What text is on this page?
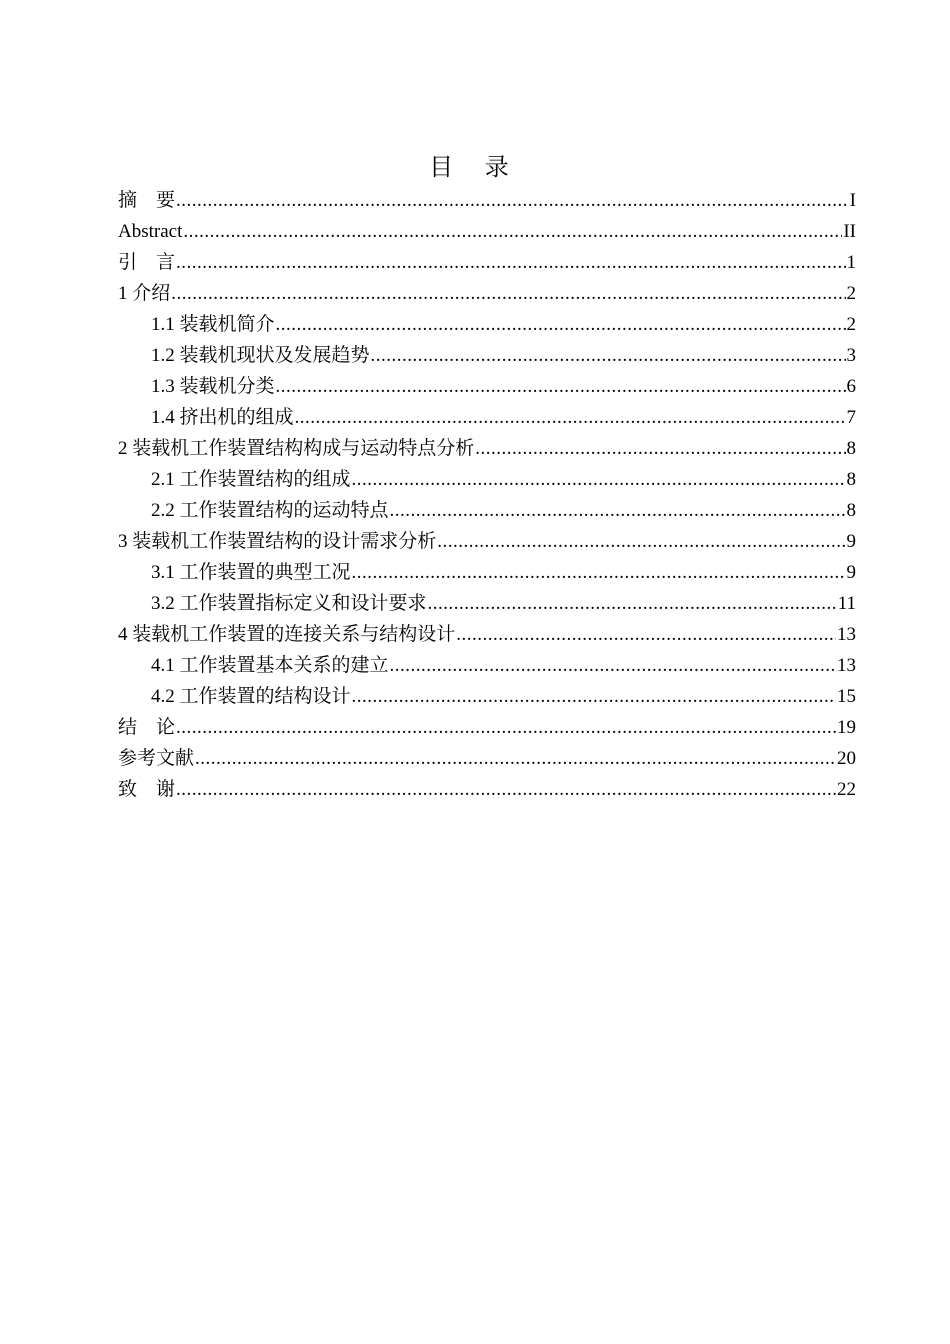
目 录
摘　要 .....	I
Abstract .....	II
引　言 .....	1
1 介绍 .....	2
1.1 装载机简介 .....	2
1.2 装载机现状及发展趋势 .....	3
1.3 装载机分类 .....	6
1.4 挤出机的组成 .....	7
2 装载机工作装置结构构成与运动特点分析 .....	8
2.1 工作装置结构的组成 .....	8
2.2 工作装置结构的运动特点 .....	8
3 装载机工作装置结构的设计需求分析 .....	9
3.1 工作装置的典型工况 .....	9
3.2 工作装置指标定义和设计要求 .....	11
4 装载机工作装置的连接关系与结构设计 .....	13
4.1 工作装置基本关系的建立 .....	13
4.2 工作装置的结构设计 .....	15
结　论 .....	19
参考文献 .....	20
致　谢 .....	22
